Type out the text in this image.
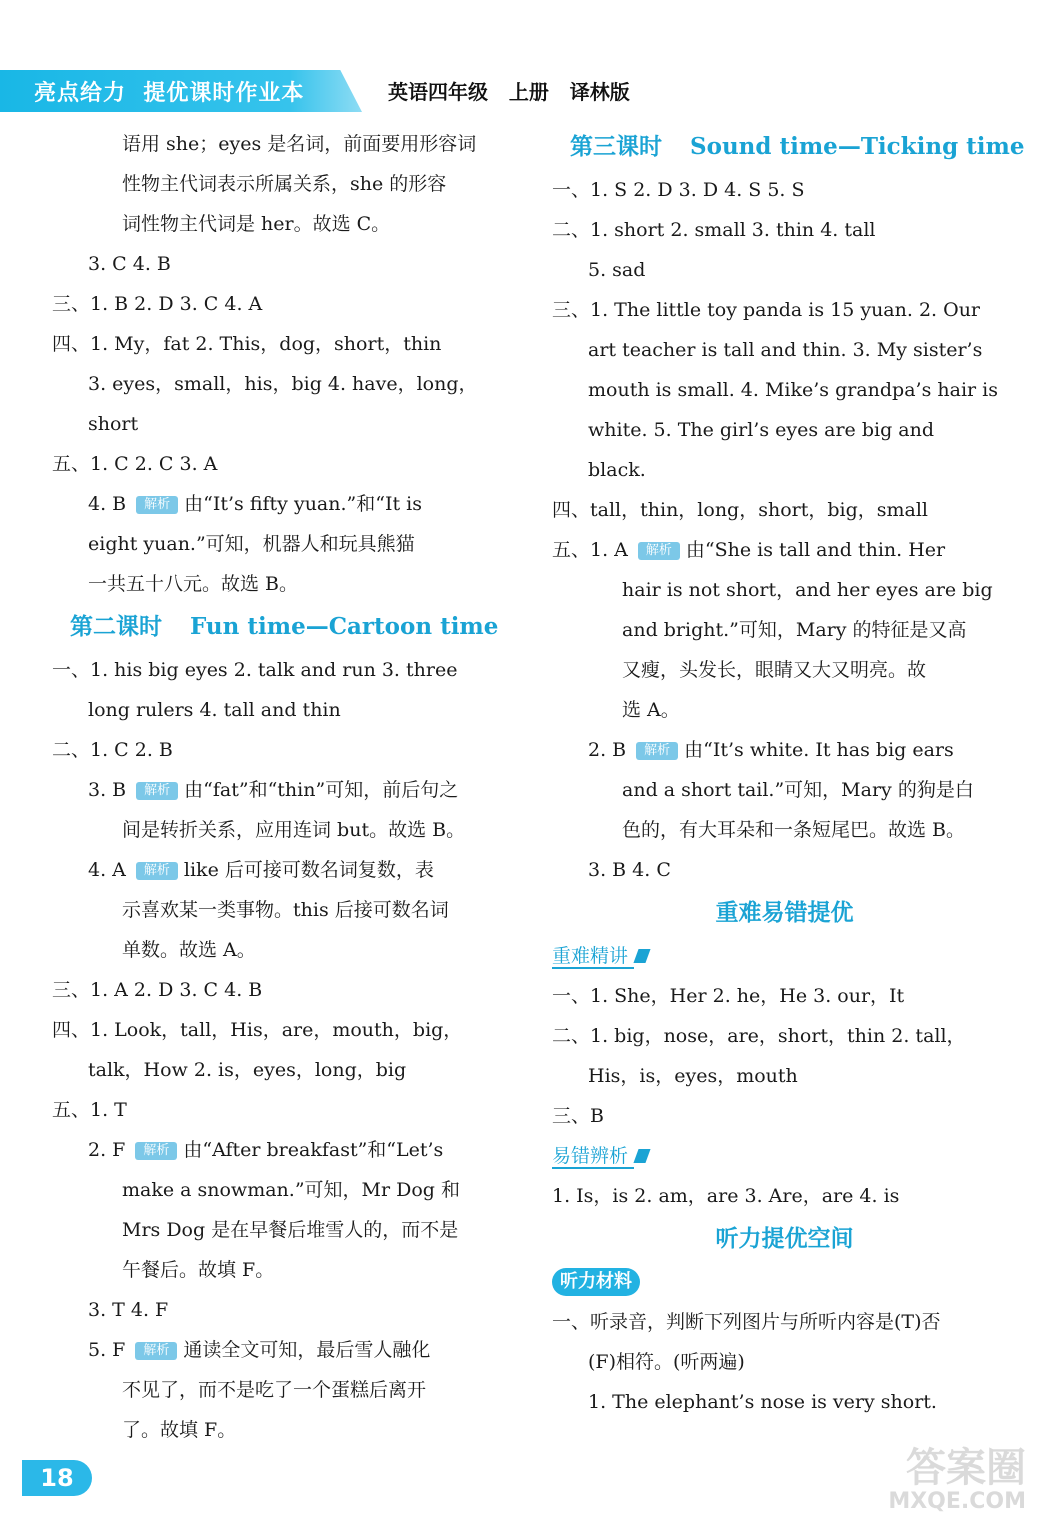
亮点给力  提优课时作业本	英语四年级   上册   译林版
语用 she；eyes 是名词，前面要用形容词
性物主代词表示所属关系，she 的形容
词性物主代词是 her。故选 C。
3. C 4. B
三、1. B 2. D 3. C 4. A
四、1. My，fat 2. This，dog，short，thin
3. eyes，small，his，big 4. have，long，
short
五、1. C 2. C 3. A
4. B 解析 由“It’s fifty yuan.”和“It is
eight yuan.”可知，机器人和玩具熊猫
一共五十八元。故选 B。
第二课时 Fun time—Cartoon time
一、1. his big eyes 2. talk and run 3. three
long rulers 4. tall and thin
二、1. C 2. B
3. B 解析 由“fat”和“thin”可知，前后句之
间是转折关系，应用连词 but。故选 B。
4. A 解析 like 后可接可数名词复数，表
示喜欢某一类事物。this 后接可数名词
单数。故选 A。
三、1. A 2. D 3. C 4. B
四、1. Look，tall，His，are，mouth，big，
talk，How 2. is，eyes，long，big
五、1. T
2. F 解析 由“After breakfast”和“Let’s
make a snowman.”可知，Mr Dog 和
Mrs Dog 是在早餐后堆雪人的，而不是
午餐后。故填 F。
3. T 4. F
5. F 解析 通读全文可知，最后雪人融化
不见了，而不是吃了一个蛋糕后离开
了。故填 F。
第三课时 Sound time—Ticking time
一、1. S 2. D 3. D 4. S 5. S
二、1. short 2. small 3. thin 4. tall
5. sad
三、1. The little toy panda is 15 yuan. 2. Our
art teacher is tall and thin. 3. My sister’s
mouth is small. 4. Mike’s grandpa’s hair is
white. 5. The girl’s eyes are big and
black.
四、tall，thin，long，short，big，small
五、1. A 解析 由“She is tall and thin. Her
hair is not short，and her eyes are big
and bright.”可知，Mary 的特征是又高
又瘦，头发长，眼睛又大又明亮。故
选 A。
2. B 解析 由“It’s white. It has big ears
and a short tail.”可知，Mary 的狗是白
色的，有大耳朵和一条短尾巴。故选 B。
3. B 4. C
重难易错提优
重难精讲
一、1. She，Her 2. he，He 3. our，It
二、1. big，nose，are，short，thin 2. tall，
His，is，eyes，mouth
三、B
易错辨析
1. Is，is 2. am，are 3. Are，are 4. is
听力提优空间
听力材料
一、听录音，判断下列图片与所听内容是(T)否
(F)相符。(听两遍)
1. The elephant’s nose is very short.
18	答案圈
MXQE.COM
